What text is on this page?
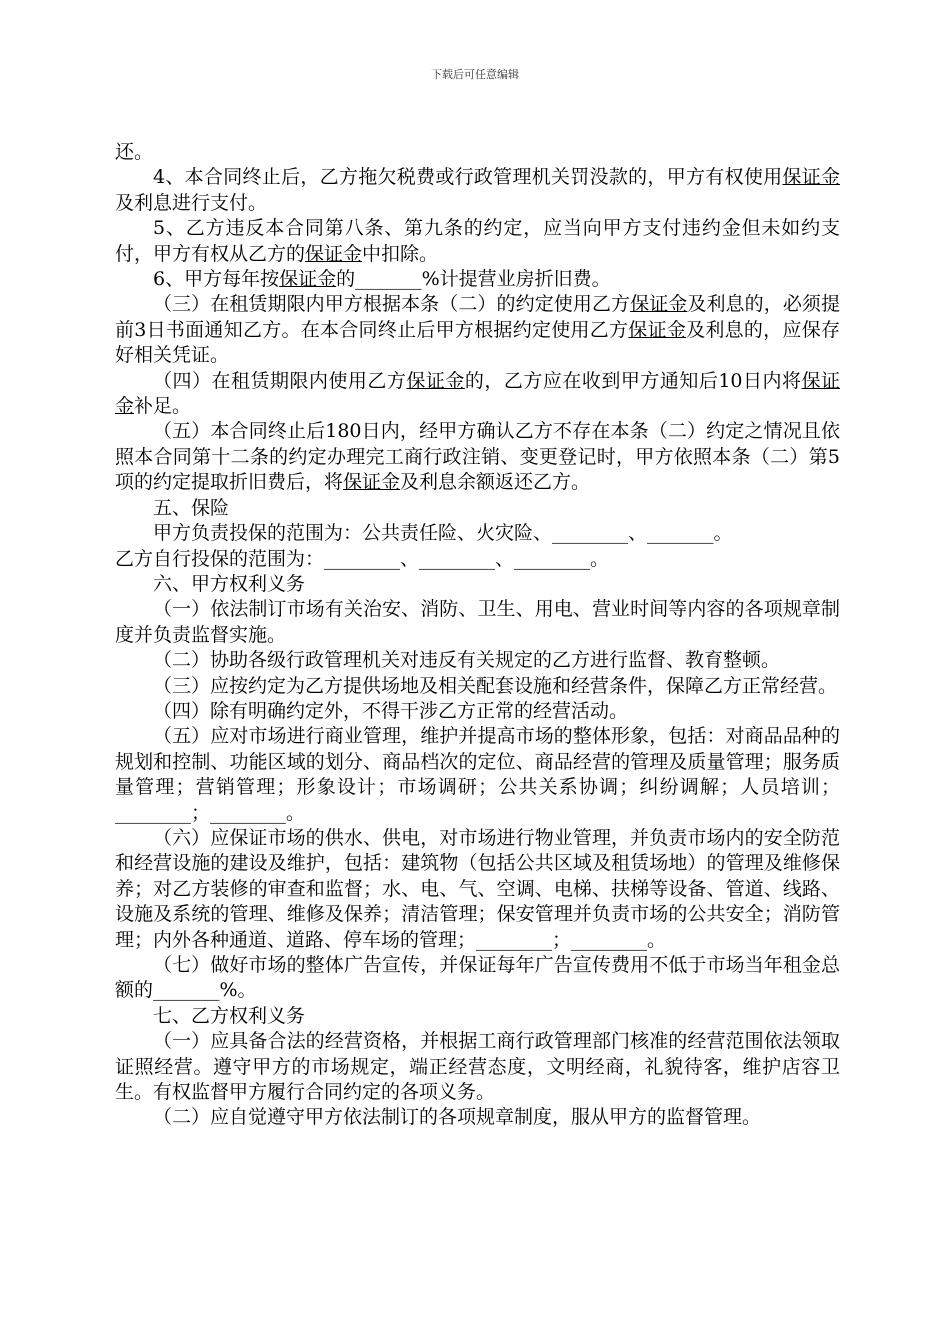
下载后可任意编辑

还。

4、本合同终止后，乙方拖欠税费或行政管理机关罚没款的，甲方有权使用保证金及利息进行支付。

5、乙方违反本合同第八条、第九条的约定，应当向甲方支付违约金但未如约支付，甲方有权从乙方的保证金中扣除。

6、甲方每年按保证金的_______%计提营业房折旧费。

（三）在租赁期限内甲方根据本条（二）的约定使用乙方保证金及利息的，必须提前3日书面通知乙方。在本合同终止后甲方根据约定使用乙方保证金及利息的，应保存好相关凭证。

（四）在租赁期限内使用乙方保证金的，乙方应在收到甲方通知后10日内将保证金补足。

（五）本合同终止后180日内，经甲方确认乙方不存在本条（二）约定之情况且依照本合同第十二条的约定办理完工商行政注销、变更登记时，甲方依照本条（二）第5项的约定提取折旧费后，将保证金及利息余额返还乙方。

五、保险

甲方负责投保的范围为：公共责任险、火灾险、________、_______。

乙方自行投保的范围为：________、________、________。

六、甲方权利义务

（一）依法制订市场有关治安、消防、卫生、用电、营业时间等内容的各项规章制度并负责监督实施。

（二）协助各级行政管理机关对违反有关规定的乙方进行监督、教育整顿。

（三）应按约定为乙方提供场地及相关配套设施和经营条件，保障乙方正常经营。

（四）除有明确约定外，不得干涉乙方正常的经营活动。

（五）应对市场进行商业管理，维护并提高市场的整体形象，包括：对商品品种的规划和控制、功能区域的划分、商品档次的定位、商品经营的管理及质量管理；服务质量管理；营销管理；形象设计；市场调研；公共关系协调；纠纷调解；人员培训；________；________。

（六）应保证市场的供水、供电，对市场进行物业管理，并负责市场内的安全防范和经营设施的建设及维护，包括：建筑物（包括公共区域及租赁场地）的管理及维修保养；对乙方装修的审查和监督；水、电、气、空调、电梯、扶梯等设备、管道、线路、设施及系统的管理、维修及保养；清洁管理；保安管理并负责市场的公共安全；消防管理；内外各种通道、道路、停车场的管理；________；________。

（七）做好市场的整体广告宣传，并保证每年广告宣传费用不低于市场当年租金总额的_______%。

七、乙方权利义务

（一）应具备合法的经营资格，并根据工商行政管理部门核准的经营范围依法领取证照经营。遵守甲方的市场规定，端正经营态度，文明经商，礼貌待客，维护店容卫生。有权监督甲方履行合同约定的各项义务。

（二）应自觉遵守甲方依法制订的各项规章制度，服从甲方的监督管理。
